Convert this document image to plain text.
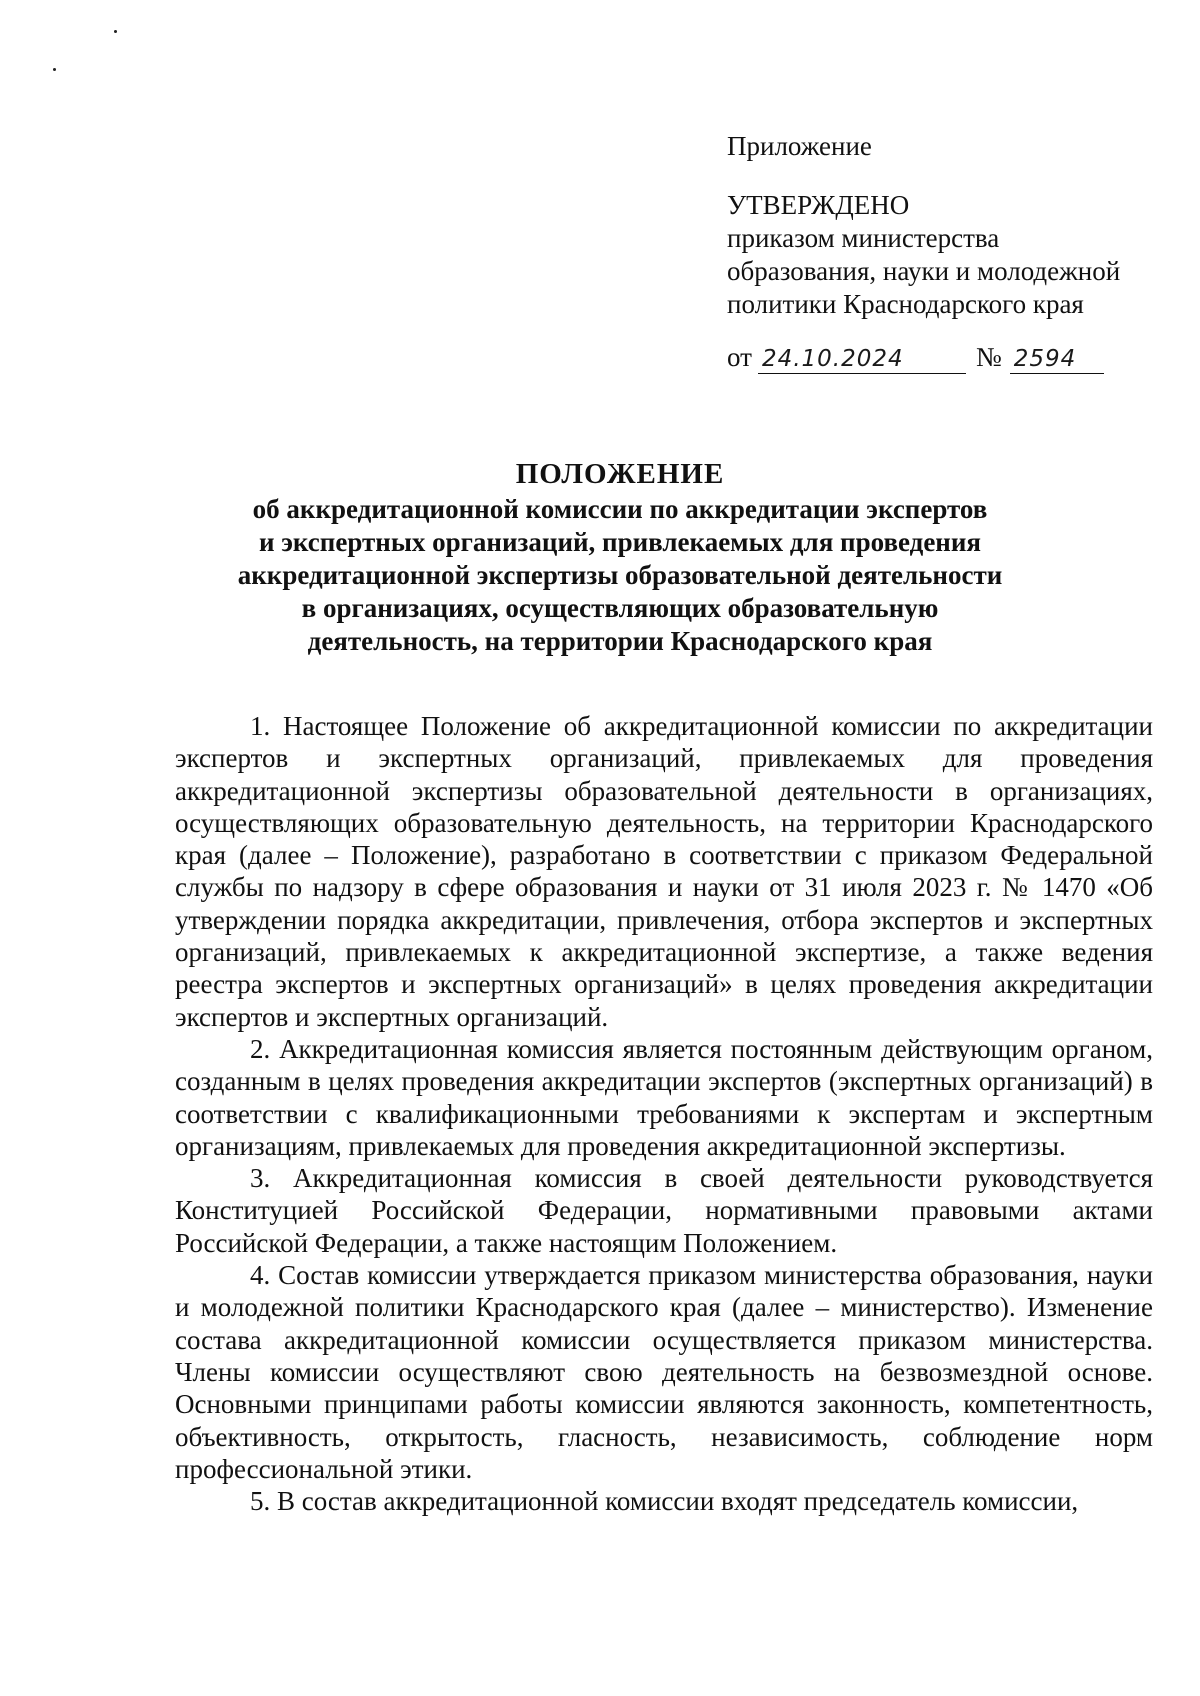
Приложение

УТВЕРЖДЕНО

приказом министерства

образования, науки и молодежной

политики Краснодарского края

от 24.10.2024	№ 2594
ПОЛОЖЕНИЕ
об аккредитационной комиссии по аккредитации экспертов
и экспертных организаций, привлекаемых для проведения
аккредитационной экспертизы образовательной деятельности
в организациях, осуществляющих образовательную
деятельность, на территории Краснодарского края

1. Настоящее Положение об аккредитационной комиссии по аккредитации экспертов и экспертных организаций, привлекаемых для проведения аккредитационной экспертизы образовательной деятельности в организациях, осуществляющих образовательную деятельность, на территории Краснодарского края (далее – Положение), разработано в соответствии с приказом Федеральной службы по надзору в сфере образования и науки от 31 июля 2023 г. № 1470 «Об утверждении порядка аккредитации, привлечения, отбора экспертов и экспертных организаций, привлекаемых к аккредитационной экспертизе, а также ведения реестра экспертов и экспертных организаций» в целях проведения аккредитации экспертов и экспертных организаций.

2. Аккредитационная комиссия является постоянным действующим органом, созданным в целях проведения аккредитации экспертов (экспертных организаций) в соответствии с квалификационными требованиями к экспертам и экспертным организациям, привлекаемых для проведения аккредитационной экспертизы.

3. Аккредитационная комиссия в своей деятельности руководствуется Конституцией Российской Федерации, нормативными правовыми актами Российской Федерации, а также настоящим Положением.

4. Состав комиссии утверждается приказом министерства образования, науки и молодежной политики Краснодарского края (далее – министерство). Изменение состава аккредитационной комиссии осуществляется приказом министерства. Члены комиссии осуществляют свою деятельность на безвозмездной основе. Основными принципами работы комиссии являются законность, компетентность, объективность, открытость, гласность, независимость, соблюдение норм профессиональной этики.

5. В состав аккредитационной комиссии входят председатель комиссии,
